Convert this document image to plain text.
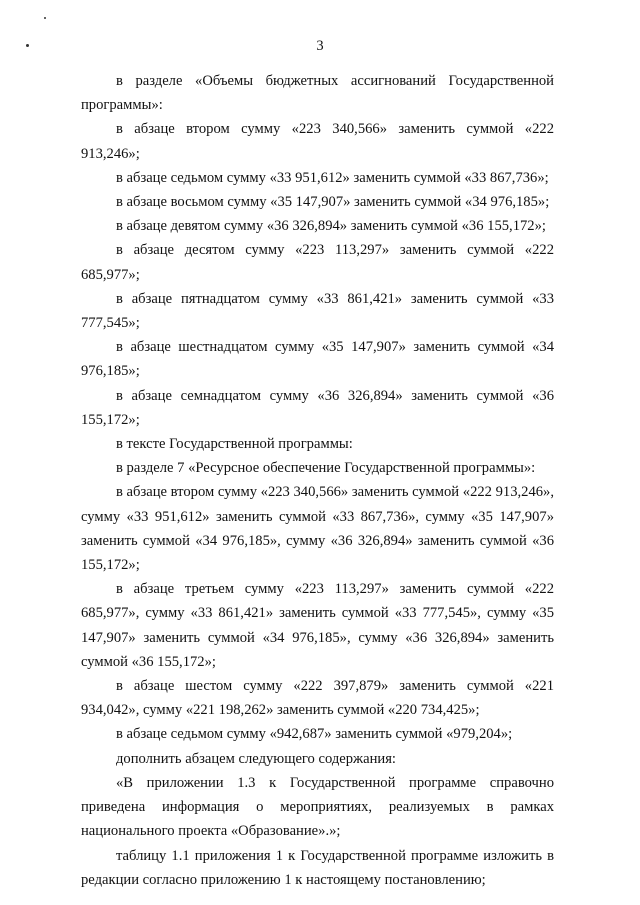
3

в разделе «Объемы бюджетных ассигнований Государственной программы»:

в абзаце втором сумму «223 340,566» заменить суммой «222 913,246»;

в абзаце седьмом сумму «33 951,612» заменить суммой «33 867,736»;

в абзаце восьмом сумму «35 147,907» заменить суммой «34 976,185»;

в абзаце девятом сумму «36 326,894» заменить суммой «36 155,172»;

в абзаце десятом сумму «223 113,297» заменить суммой «222 685,977»;

в абзаце пятнадцатом сумму «33 861,421» заменить суммой «33 777,545»;

в абзаце шестнадцатом сумму «35 147,907» заменить суммой «34 976,185»;

в абзаце семнадцатом сумму «36 326,894» заменить суммой «36 155,172»;

в тексте Государственной программы:

в разделе 7 «Ресурсное обеспечение Государственной программы»:

в абзаце втором сумму «223 340,566» заменить суммой «222 913,246», сумму «33 951,612» заменить суммой «33 867,736», сумму «35 147,907» заменить суммой «34 976,185», сумму «36 326,894» заменить суммой «36 155,172»;

в абзаце третьем сумму «223 113,297» заменить суммой «222 685,977», сумму «33 861,421» заменить суммой «33 777,545», сумму «35 147,907» заменить суммой «34 976,185», сумму «36 326,894» заменить суммой «36 155,172»;

в абзаце шестом сумму «222 397,879» заменить суммой «221 934,042», сумму «221 198,262» заменить суммой «220 734,425»;

в абзаце седьмом сумму «942,687» заменить суммой «979,204»;

дополнить абзацем следующего содержания:

«В приложении 1.3 к Государственной программе справочно приведена информация о мероприятиях, реализуемых в рамках национального проекта «Образование».»;

таблицу 1.1 приложения 1 к Государственной программе изложить в редакции согласно приложению 1 к настоящему постановлению;
